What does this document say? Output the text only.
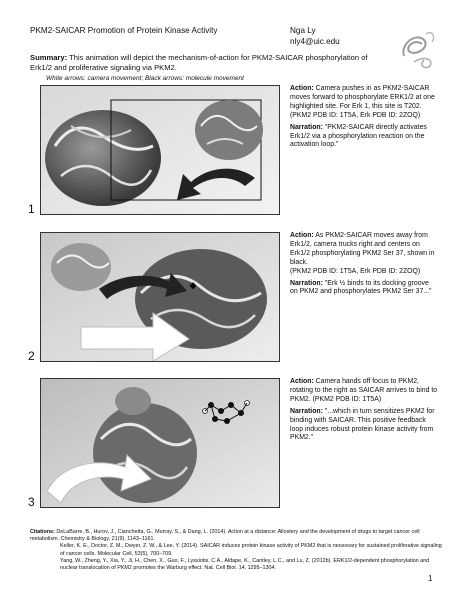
PKM2-SAICAR Promotion of Protein Kinase Activity	Nga Ly
nly4@uic.edu
Summary: This animation will depict the mechanism-of-action for PKM2-SAICAR phosphorylation of Erk1/2 and proliferative signaling via PKM2.
White arrows: camera movement; Black arrows: molecule movement
1

Action: Camera pushes in as PKM2-SAICAR moves forward to phosphorylate ERK1/2 at one highlighted site. For Erk 1, this site is T202.
(PKM2 PDB ID: 1T5A, Erk PDB ID: 2ZOQ)

Narration: "PKM2-SAICAR directly activates Erk1/2 via a phosphorylation reaction on the activation loop."

2

Action: As PKM2-SAICAR moves away from Erk1/2, camera trucks right and centers on Erk1/2 phosphorylating PKM2 Ser 37, shown in black.
(PKM2 PDB ID: 1T5A, Erk PDB ID: 2ZOQ)

Narration: "Erk ½ binds to its docking groove on PKM2 and phosphorylates PKM2 Ser 37..."

3

Action: Camera hands off focus to PKM2, rotating to the right as SAICAR arrives to bind to PKM2. (PKM2 PDB ID: 1T5A)

Narration: "...which in turn sensitizes PKM2 for binding with SAICAR. This positive feedback loop induces robust protein kinase activity from PKM2."

Citations: DeLaBarre, B., Hurov, J., Cianchetta, G., Murray, S., & Dang, L. (2014). Action at a distance: Allostery and the development of drugs to target cancer cell metabolism. Chemistry & Biology, 21(9), 1143–1161.
Keller, K. E., Doctor, Z. M., Dwyer, Z. W., & Lee, Y. (2014). SAICAR induces protein kinase activity of PKM2 that is necessary for sustained proliferative signaling of cancer cells. Molecular Cell, 53(5), 700–709.
Yang, W., Zheng, Y., Xia, Y., Ji, H., Chen, X., Guo, F., Lyssiotis, C.A., Aldape, K., Cantley, L.C., and Lu, Z. (2012b). ERK1/2-dependent phosphorylation and nuclear translocation of PKM2 promotes the Warburg effect. Nat. Cell Biol. 14, 1295–1304.
1
